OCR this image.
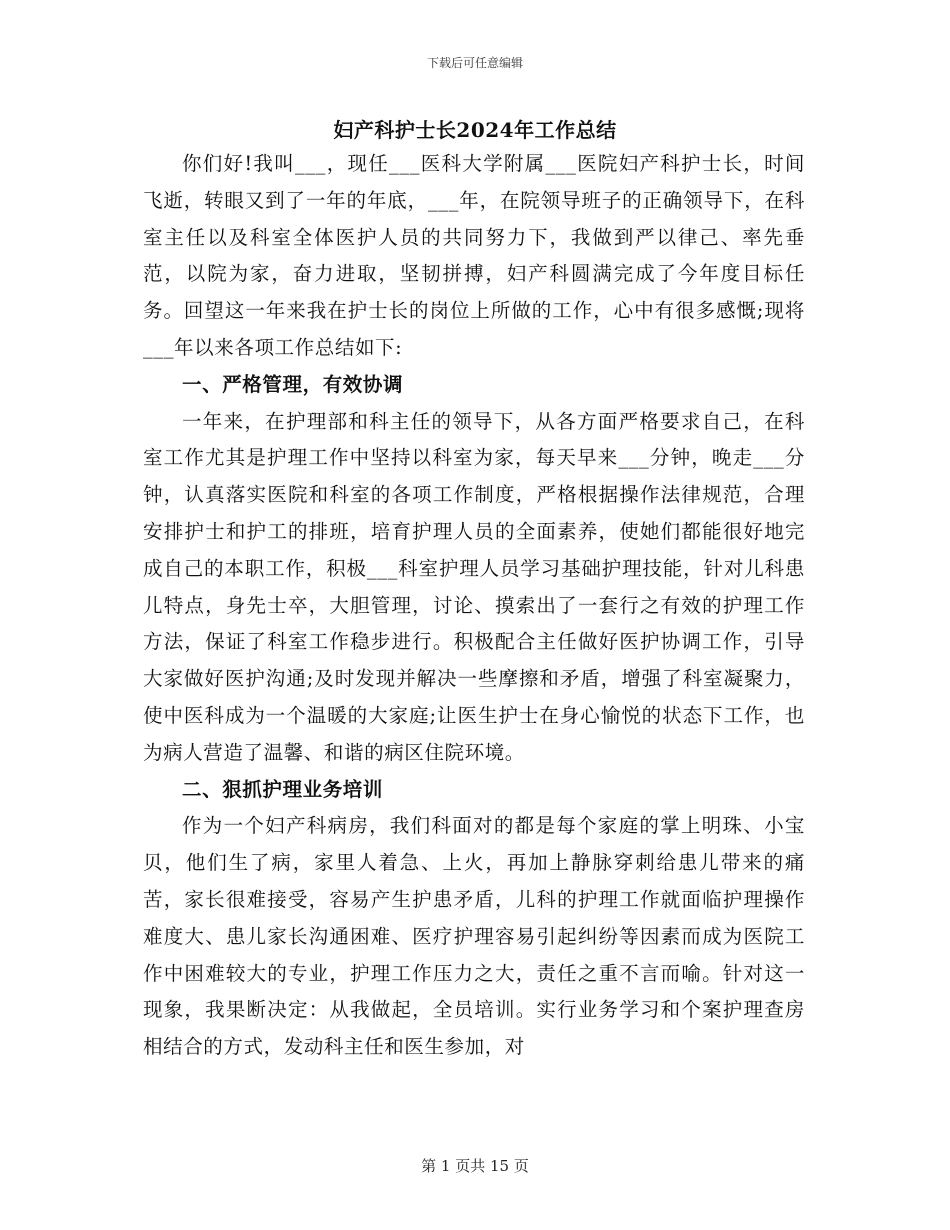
下载后可任意编辑
妇产科护士长2024年工作总结

你们好!我叫___，现任___医科大学附属___医院妇产科护士长，时间飞逝，转眼又到了一年的年底，___年，在院领导班子的正确领导下，在科室主任以及科室全体医护人员的共同努力下，我做到严以律己、率先垂范，以院为家，奋力进取，坚韧拼搏，妇产科圆满完成了今年度目标任务。回望这一年来我在护士长的岗位上所做的工作，心中有很多感慨;现将___年以来各项工作总结如下:

一、严格管理，有效协调

一年来，在护理部和科主任的领导下，从各方面严格要求自己，在科室工作尤其是护理工作中坚持以科室为家，每天早来___分钟，晚走___分钟，认真落实医院和科室的各项工作制度，严格根据操作法律规范，合理安排护士和护工的排班，培育护理人员的全面素养，使她们都能很好地完成自己的本职工作，积极___科室护理人员学习基础护理技能，针对儿科患儿特点，身先士卒，大胆管理，讨论、摸索出了一套行之有效的护理工作方法，保证了科室工作稳步进行。积极配合主任做好医护协调工作，引导大家做好医护沟通;及时发现并解决一些摩擦和矛盾，增强了科室凝聚力，使中医科成为一个温暖的大家庭;让医生护士在身心愉悦的状态下工作，也为病人营造了温馨、和谐的病区住院环境。

二、狠抓护理业务培训

作为一个妇产科病房，我们科面对的都是每个家庭的掌上明珠、小宝贝，他们生了病，家里人着急、上火，再加上静脉穿刺给患儿带来的痛苦，家长很难接受，容易产生护患矛盾，儿科的护理工作就面临护理操作难度大、患儿家长沟通困难、医疗护理容易引起纠纷等因素而成为医院工作中困难较大的专业，护理工作压力之大，责任之重不言而喻。针对这一现象，我果断决定：从我做起，全员培训。实行业务学习和个案护理查房相结合的方式，发动科主任和医生参加，对

第 1 页共 15 页
